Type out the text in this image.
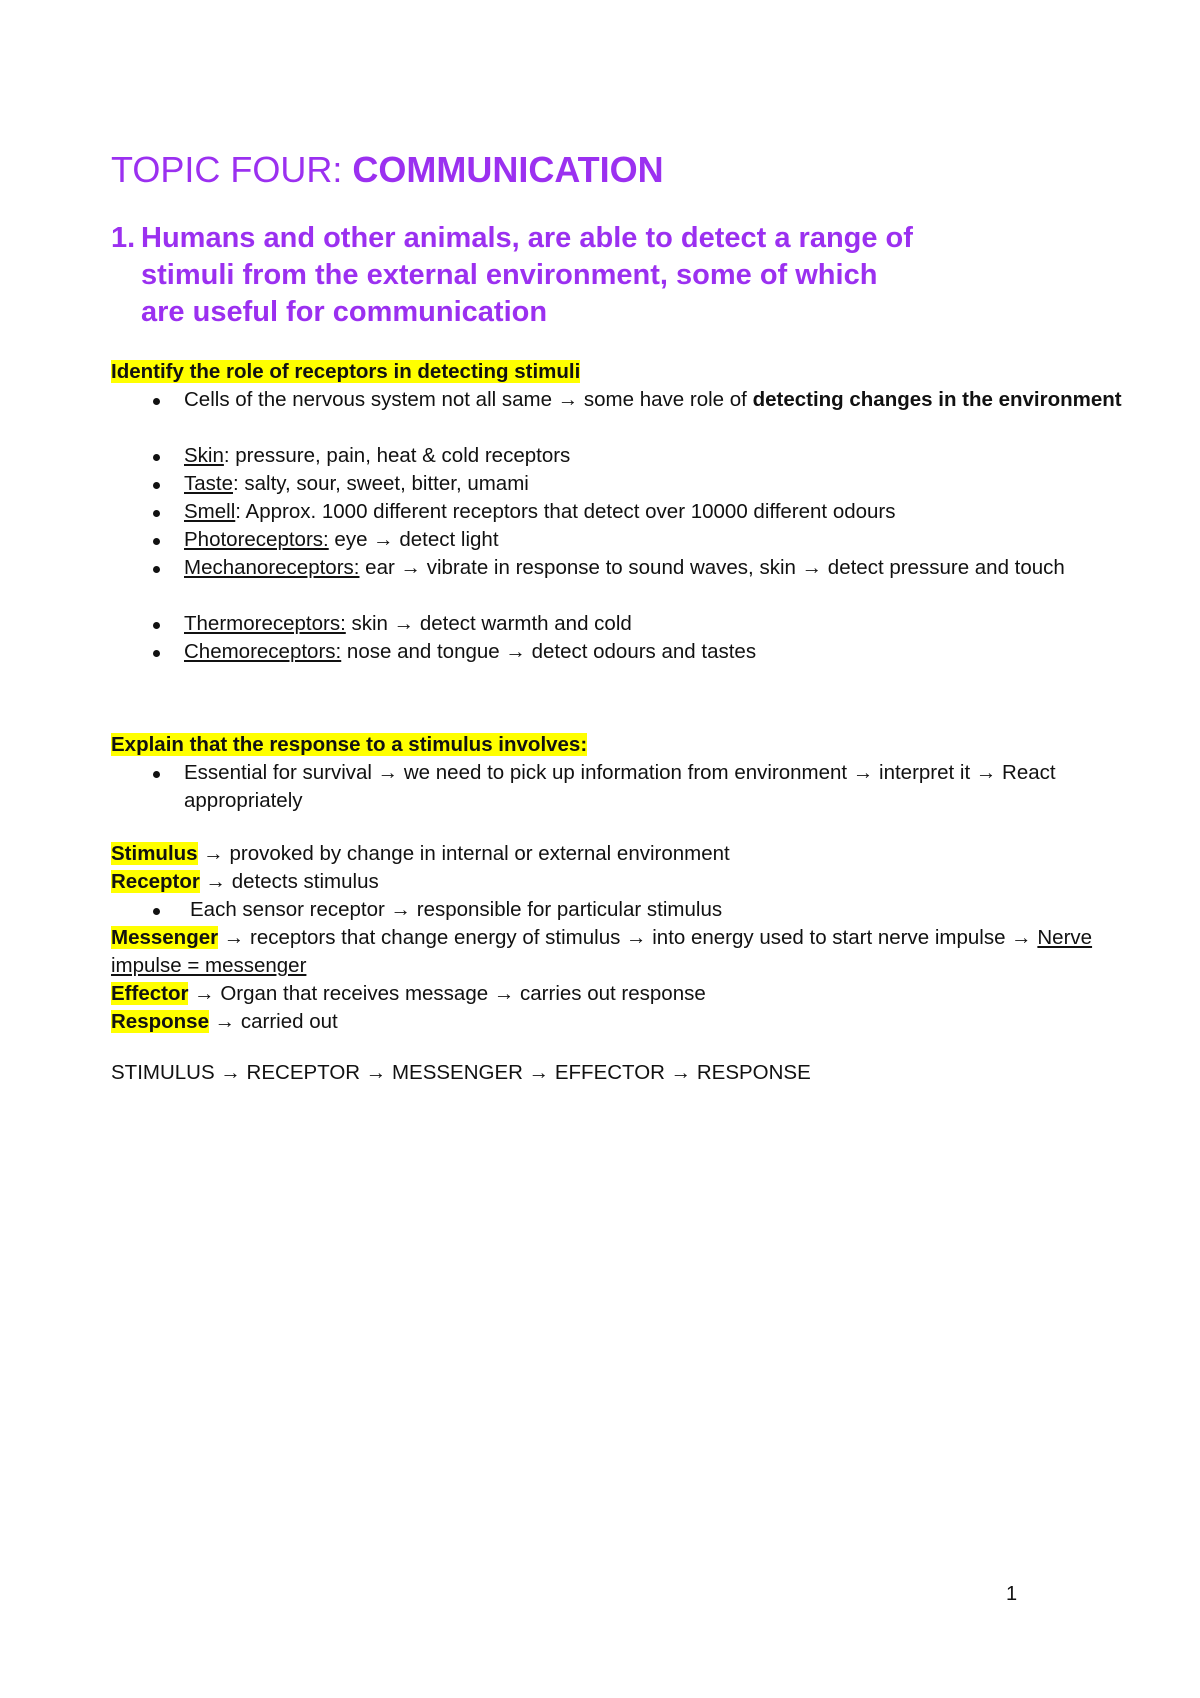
TOPIC FOUR: COMMUNICATION
1. Humans and other animals, are able to detect a range of
stimuli from the external environment, some of which
are useful for communication
Identify the role of receptors in detecting stimuli
Cells of the nervous system not all same → some have role of detecting changes in the environment
Skin: pressure, pain, heat & cold receptors
Taste: salty, sour, sweet, bitter, umami
Smell: Approx. 1000 different receptors that detect over 10000 different odours
Photoreceptors: eye → detect light
Mechanoreceptors: ear → vibrate in response to sound waves, skin → detect pressure and touch
Thermoreceptors: skin → detect warmth and cold
Chemoreceptors: nose and tongue → detect odours and tastes
Explain that the response to a stimulus involves:
Essential for survival → we need to pick up information from environment → interpret it → React appropriately
Stimulus → provoked by change in internal or external environment
Receptor → detects stimulus
Each sensor receptor → responsible for particular stimulus
Messenger → receptors that change energy of stimulus → into energy used to start nerve impulse → Nerve impulse = messenger
Effector → Organ that receives message → carries out response
Response → carried out
STIMULUS → RECEPTOR → MESSENGER → EFFECTOR → RESPONSE
1
